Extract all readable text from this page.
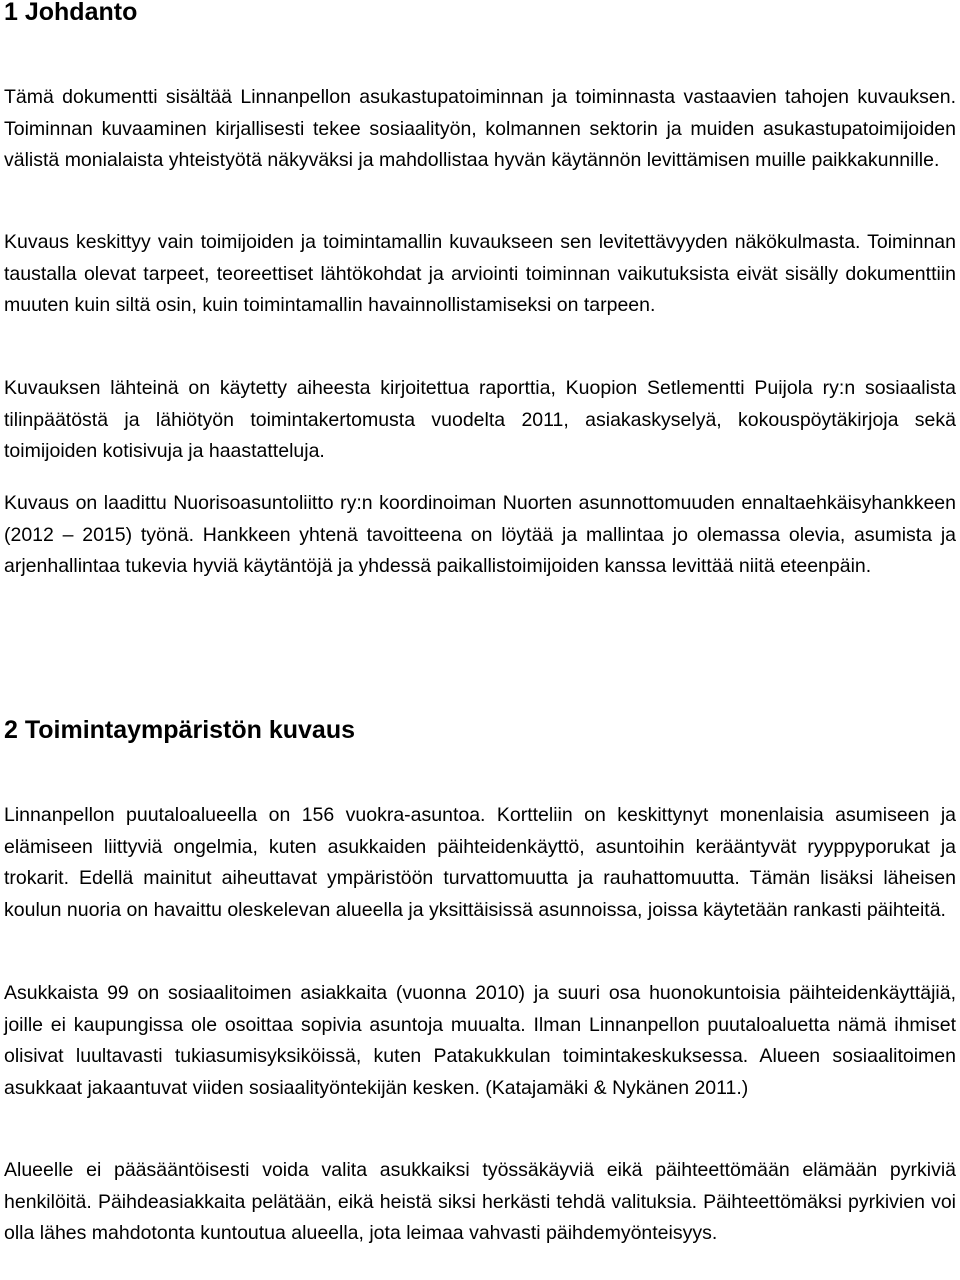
1 Johdanto

Tämä dokumentti sisältää Linnanpellon asukastupatoiminnan ja toiminnasta vastaavien tahojen kuvauksen. Toiminnan kuvaaminen kirjallisesti tekee sosiaalityön, kolmannen sektorin ja muiden asukastupatoimijoiden välistä monialaista yhteistyötä näkyväksi ja mahdollistaa hyvän käytännön levittämisen muille paikkakunnille.

Kuvaus keskittyy vain toimijoiden ja toimintamallin kuvaukseen sen levitettävyyden näkökulmasta. Toiminnan taustalla olevat tarpeet, teoreettiset lähtökohdat ja arviointi toiminnan vaikutuksista eivät sisälly dokumenttiin muuten kuin siltä osin, kuin toimintamallin havainnollistamiseksi on tarpeen.

Kuvauksen lähteinä on käytetty aiheesta kirjoitettua raporttia, Kuopion Setlementti Puijola ry:n sosiaalista tilinpäätöstä ja lähiötyön toimintakertomusta vuodelta 2011, asiakaskyselyä, kokouspöytäkirjoja sekä toimijoiden kotisivuja ja haastatteluja.

Kuvaus on laadittu Nuorisoasuntoliitto ry:n koordinoiman Nuorten asunnottomuuden ennaltaehkäisyhankkeen (2012 – 2015) työnä. Hankkeen yhtenä tavoitteena on löytää ja mallintaa jo olemassa olevia, asumista ja arjenhallintaa tukevia hyviä käytäntöjä ja yhdessä paikallistoimijoiden kanssa levittää niitä eteenpäin.

2 Toimintaympäristön kuvaus

Linnanpellon puutaloalueella on 156 vuokra-asuntoa. Kortteliin on keskittynyt monenlaisia asumiseen ja elämiseen liittyviä ongelmia, kuten asukkaiden päihteidenkäyttö, asuntoihin kerääntyvät ryyppyporukat ja trokarit. Edellä mainitut aiheuttavat ympäristöön turvattomuutta ja rauhattomuutta. Tämän lisäksi läheisen koulun nuoria on havaittu oleskelevan alueella ja yksittäisissä asunnoissa, joissa käytetään rankasti päihteitä.

Asukkaista 99 on sosiaalitoimen asiakkaita (vuonna 2010) ja suuri osa huonokuntoisia päihteidenkäyttäjiä, joille ei kaupungissa ole osoittaa sopivia asuntoja muualta. Ilman Linnanpellon puutaloaluetta nämä ihmiset olisivat luultavasti tukiasumisyksiköissä, kuten Patakukkulan toimintakeskuksessa. Alueen sosiaalitoimen asukkaat jakaantuvat viiden sosiaalityöntekijän kesken. (Katajamäki & Nykänen 2011.)

Alueelle ei pääsääntöisesti voida valita asukkaiksi työssäkäyviä eikä päihteettömään elämään pyrkiviä henkilöitä. Päihdeasiakkaita pelätään, eikä heistä siksi herkästi tehdä valituksia. Päihteettömäksi pyrkivien voi olla lähes mahdotonta kuntoutua alueella, jota leimaa vahvasti päihdemyönteisyys.
